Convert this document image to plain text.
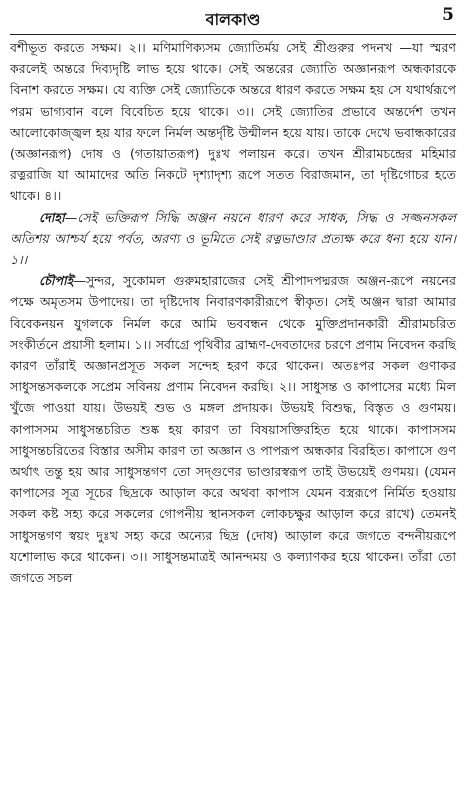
বালকাণ্ড	5

বশীভূত করতে সক্ষম। ২।। মণিমাণিক্যসম জ্যোতির্ময় সেই শ্রীগুরুর পদনখ —যা স্মরণ করলেই অন্তরে দিব্যদৃষ্টি লাভ হয়ে থাকে। সেই অন্তরের জ্যোতি অজ্ঞানরূপ অন্ধকারকে বিনাশ করতে সক্ষম। যে ব্যক্তি সেই জ্যোতিকে অন্তরে ধারণ করতে সক্ষম হয় সে যথার্থরূপে পরম ভাগ্যবান বলে বিবেচিত হয়ে থাকে। ৩।। সেই জ্যোতির প্রভাবে অন্তর্দেশ তখন আলোকোজ্জ্বল হয় যার ফলে নির্মল অন্তর্দৃষ্টি উন্মীলন হয়ে যায়। তাকে দেখে ভবান্ধকারের (অজ্ঞানরূপ) দোষ ও (গতায়াতরূপ) দুঃখ পলায়ন করে। তখন শ্রীরামচন্দ্রের মহিমার রত্নরাজি যা আমাদের অতি নিকটে দৃশ্যাদৃশ্য রূপে সতত বিরাজমান, তা দৃষ্টিগোচর হতে থাকে। ৪।।

দোহা—সেই ভক্তিরূপ সিদ্ধি অঞ্জন নয়নে ধারণ করে সাধক, সিদ্ধ ও সজ্জনসকল অতিশয় আশ্চর্য হয়ে পর্বত, অরণ্য ও ভূমিতে সেই রত্নভাণ্ডার প্রত্যক্ষ করে ধন্য হয়ে যান। ১।।

চৌপাই—সুন্দর, সুকোমল গুরুমহারাজের সেই শ্রীপাদপদ্মরজ অঞ্জন-রূপে নয়নের পক্ষে অমৃতসম উপাদেয়। তা দৃষ্টিদোষ নিবারণকারীরূপে স্বীকৃত। সেই অঞ্জন দ্বারা আমার বিবেকনয়ন যুগলকে নির্মল করে আমি ভববন্ধন থেকে মুক্তিপ্রদানকারী শ্রীরামচরিত সংকীর্তনে প্রয়াসী হলাম। ১।। সর্বাগ্রে পৃথিবীর ব্রাহ্মণ-দেবতাদের চরণে প্রণাম নিবেদন করছি কারণ তাঁরাই অজ্ঞানপ্রসূত সকল সন্দেহ হরণ করে থাকেন। অতঃপর সকল গুণাকর সাধুসন্তসকলকে সপ্রেম সবিনয় প্রণাম নিবেদন করছি। ২।। সাধুসন্ত ও কাপাসের মধ্যে মিল খুঁজে পাওয়া যায়। উভয়ই শুভ ও মঙ্গল প্রদায়ক। উভয়ই বিশুদ্ধ, বিস্তৃত ও গুণময়। কাপাসসম সাধুসন্তচরিত শুষ্ক হয় কারণ তা বিষয়াসক্তিরহিত হয়ে থাকে। কাপাসসম সাধুসন্তচরিতের বিস্তার অসীম কারণ তা অজ্ঞান ও পাপরূপ অন্ধকার বিরহিত। কাপাসে গুণ অর্থাৎ তন্তু হয় আর সাধুসন্তগণ তো সদ্গুণের ভাণ্ডারস্বরূপ তাই উভয়েই গুণময়। (যেমন কাপাসের সূত্র সূচের ছিদ্রকে আড়াল করে অথবা কাপাস যেমন বস্ত্ররূপে নির্মিত হওয়ায় সকল কষ্ট সহ্য করে সকলের গোপনীয় স্থানসকল লোকচক্ষুর আড়াল করে রাখে) তেমনই সাধুসন্তগণ স্বয়ং দুঃখ সহ্য করে অন্যের ছিদ্র (দোষ) আড়াল করে জগতে বন্দনীয়রূপে যশোলাভ করে থাকেন। ৩।। সাধুসন্তমাত্রই আনন্দময় ও কল্যাণকর হয়ে থাকেন। তাঁরা তো জগতে সচল
